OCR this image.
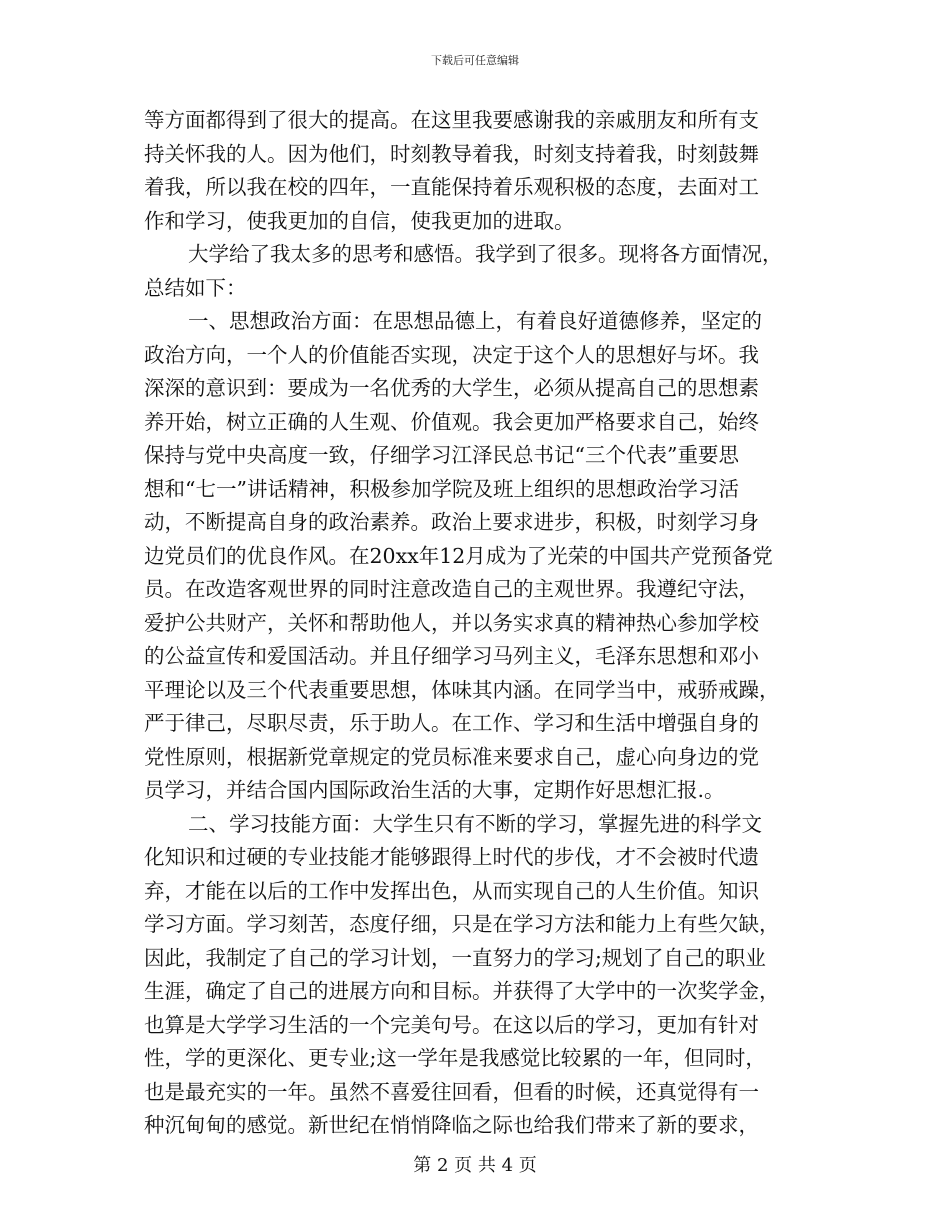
下载后可任意编辑
等方面都得到了很大的提高。在这里我要感谢我的亲戚朋友和所有支
持关怀我的人。因为他们，时刻教导着我，时刻支持着我，时刻鼓舞
着我，所以我在校的四年，一直能保持着乐观积极的态度，去面对工
作和学习，使我更加的自信，使我更加的进取。
大学给了我太多的思考和感悟。我学到了很多。现将各方面情况，
总结如下：
一、思想政治方面：在思想品德上，有着良好道德修养，坚定的
政治方向，一个人的价值能否实现，决定于这个人的思想好与坏。我
深深的意识到：要成为一名优秀的大学生，必须从提高自己的思想素
养开始，树立正确的人生观、价值观。我会更加严格要求自己，始终
保持与党中央高度一致，仔细学习江泽民总书记“三个代表”重要思
想和“七一”讲话精神，积极参加学院及班上组织的思想政治学习活
动，不断提高自身的政治素养。政治上要求进步，积极，时刻学习身
边党员们的优良作风。在20xx年12月成为了光荣的中国共产党预备党
员。在改造客观世界的同时注意改造自己的主观世界。我遵纪守法，
爱护公共财产，关怀和帮助他人，并以务实求真的精神热心参加学校
的公益宣传和爱国活动。并且仔细学习马列主义，毛泽东思想和邓小
平理论以及三个代表重要思想，体味其内涵。在同学当中，戒骄戒躁，
严于律己，尽职尽责，乐于助人。在工作、学习和生活中增强自身的
党性原则，根据新党章规定的党员标准来要求自己，虚心向身边的党
员学习，并结合国内国际政治生活的大事，定期作好思想汇报.。
二、学习技能方面：大学生只有不断的学习，掌握先进的科学文
化知识和过硬的专业技能才能够跟得上时代的步伐，才不会被时代遗
弃，才能在以后的工作中发挥出色，从而实现自己的人生价值。知识
学习方面。学习刻苦，态度仔细，只是在学习方法和能力上有些欠缺，
因此，我制定了自己的学习计划，一直努力的学习;规划了自己的职业
生涯，确定了自己的进展方向和目标。并获得了大学中的一次奖学金，
也算是大学学习生活的一个完美句号。在这以后的学习，更加有针对
性，学的更深化、更专业;这一学年是我感觉比较累的一年，但同时，
也是最充实的一年。虽然不喜爱往回看，但看的时候，还真觉得有一
种沉甸甸的感觉。新世纪在悄悄降临之际也给我们带来了新的要求，
第 2 页 共 4 页
